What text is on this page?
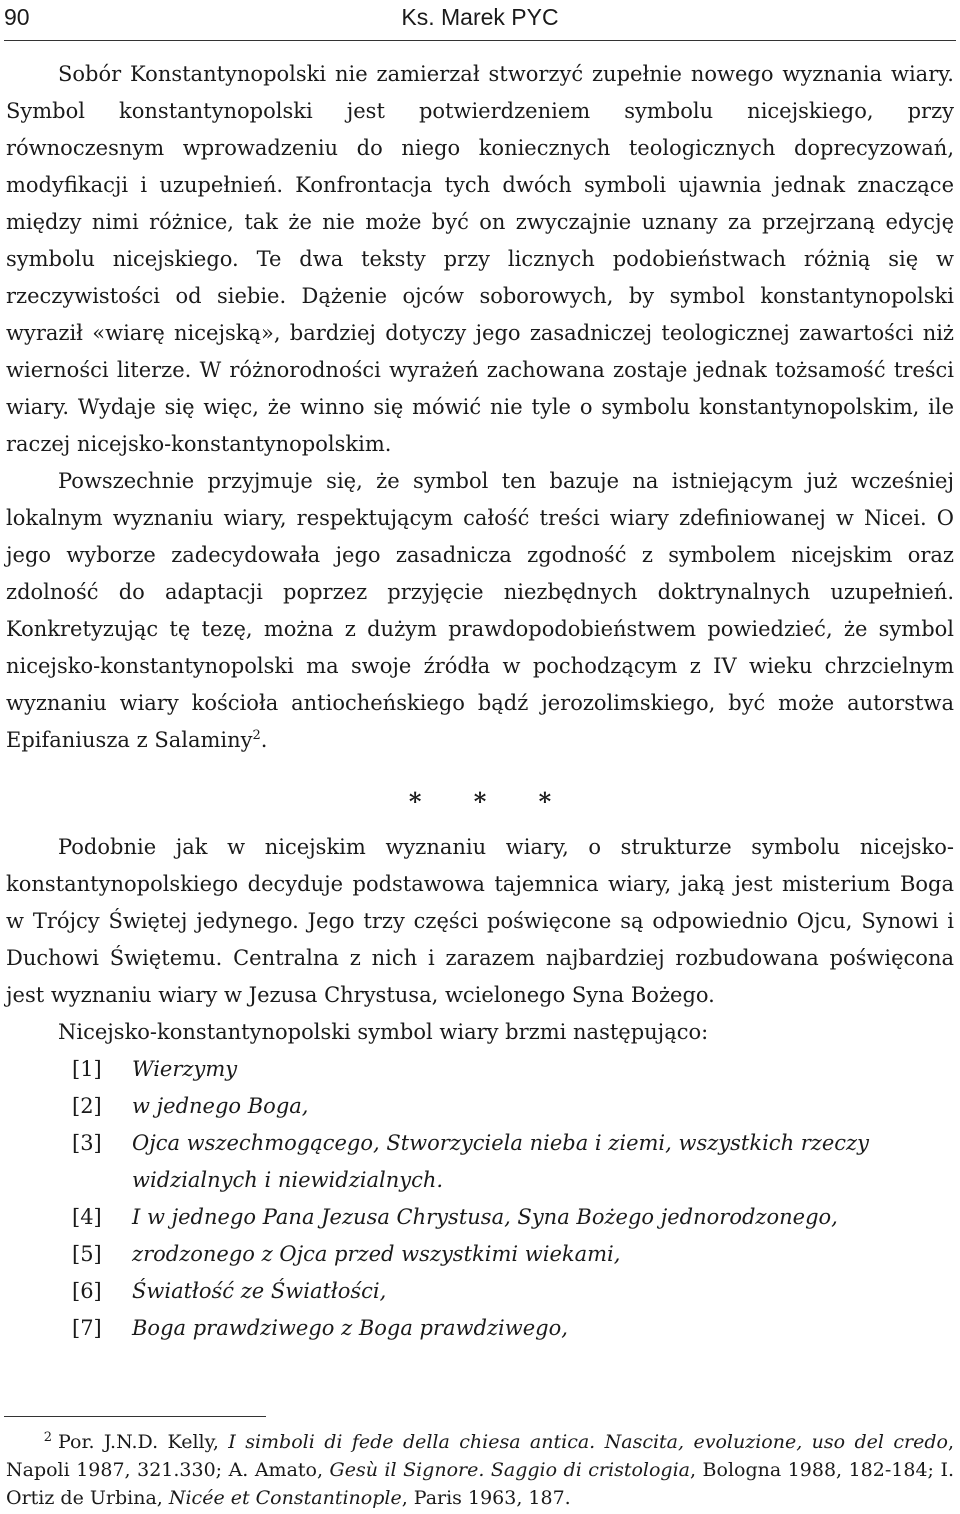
90	Ks. Marek PYC

Sobór Konstantynopolski nie zamierzał stworzyć zupełnie nowego wyznania wiary. Symbol konstantynopolski jest potwierdzeniem symbolu nicejskiego, przy równoczesnym wprowadzeniu do niego koniecznych teologicznych doprecyzowań, modyfikacji i uzupełnień. Konfrontacja tych dwóch symboli ujawnia jednak znaczące między nimi różnice, tak że nie może być on zwyczajnie uznany za przejrzaną edycję symbolu nicejskiego. Te dwa teksty przy licznych podobieństwach różnią się w rzeczywistości od siebie. Dążenie ojców soborowych, by symbol konstantynopolski wyraził «wiarę nicejską», bardziej dotyczy jego zasadniczej teologicznej zawartości niż wierności literze. W różnorodności wyrażeń zachowana zostaje jednak tożsamość treści wiary. Wydaje się więc, że winno się mówić nie tyle o symbolu konstantynopolskim, ile raczej nicejsko-konstantynopolskim.

Powszechnie przyjmuje się, że symbol ten bazuje na istniejącym już wcześniej lokalnym wyznaniu wiary, respektującym całość treści wiary zdefiniowanej w Nicei. O jego wyborze zadecydowała jego zasadnicza zgodność z symbolem nicejskim oraz zdolność do adaptacji poprzez przyjęcie niezbędnych doktrynalnych uzupełnień. Konkretyzując tę tezę, można z dużym prawdopodobieństwem powiedzieć, że symbol nicejsko-konstantynopolski ma swoje źródła w pochodzącym z IV wieku chrzcielnym wyznaniu wiary kościoła antiocheńskiego bądź jerozolimskiego, być może autorstwa Epifaniusza z Salaminy$^2$.

* * *

Podobnie jak w nicejskim wyznaniu wiary, o strukturze symbolu nicejsko-konstantynopolskiego decyduje podstawowa tajemnica wiary, jaką jest misterium Boga w Trójcy Świętej jedynego. Jego trzy części poświęcone są odpowiednio Ojcu, Synowi i Duchowi Świętemu. Centralna z nich i zarazem najbardziej rozbudowana poświęcona jest wyznaniu wiary w Jezusa Chrystusa, wcielonego Syna Bożego.

Nicejsko-konstantynopolski symbol wiary brzmi następująco:

[1]	Wierzymy
[2]	w jednego Boga,
[3]	Ojca wszechmogącego, Stworzyciela nieba i ziemi, wszystkich rzeczy widzialnych i niewidzialnych.
[4]	I w jednego Pana Jezusa Chrystusa, Syna Bożego jednorodzonego,
[5]	zrodzonego z Ojca przed wszystkimi wiekami,
[6]	Światłość ze Światłości,
[7]	Boga prawdziwego z Boga prawdziwego,
2 Por. J.N.D. Kelly, I simboli di fede della chiesa antica. Nascita, evoluzione, uso del credo, Napoli 1987, 321.330; A. Amato, Gesù il Signore. Saggio di cristologia, Bologna 1988, 182-184; I. Ortiz de Urbina, Nicée et Constantinople, Paris 1963, 187.
